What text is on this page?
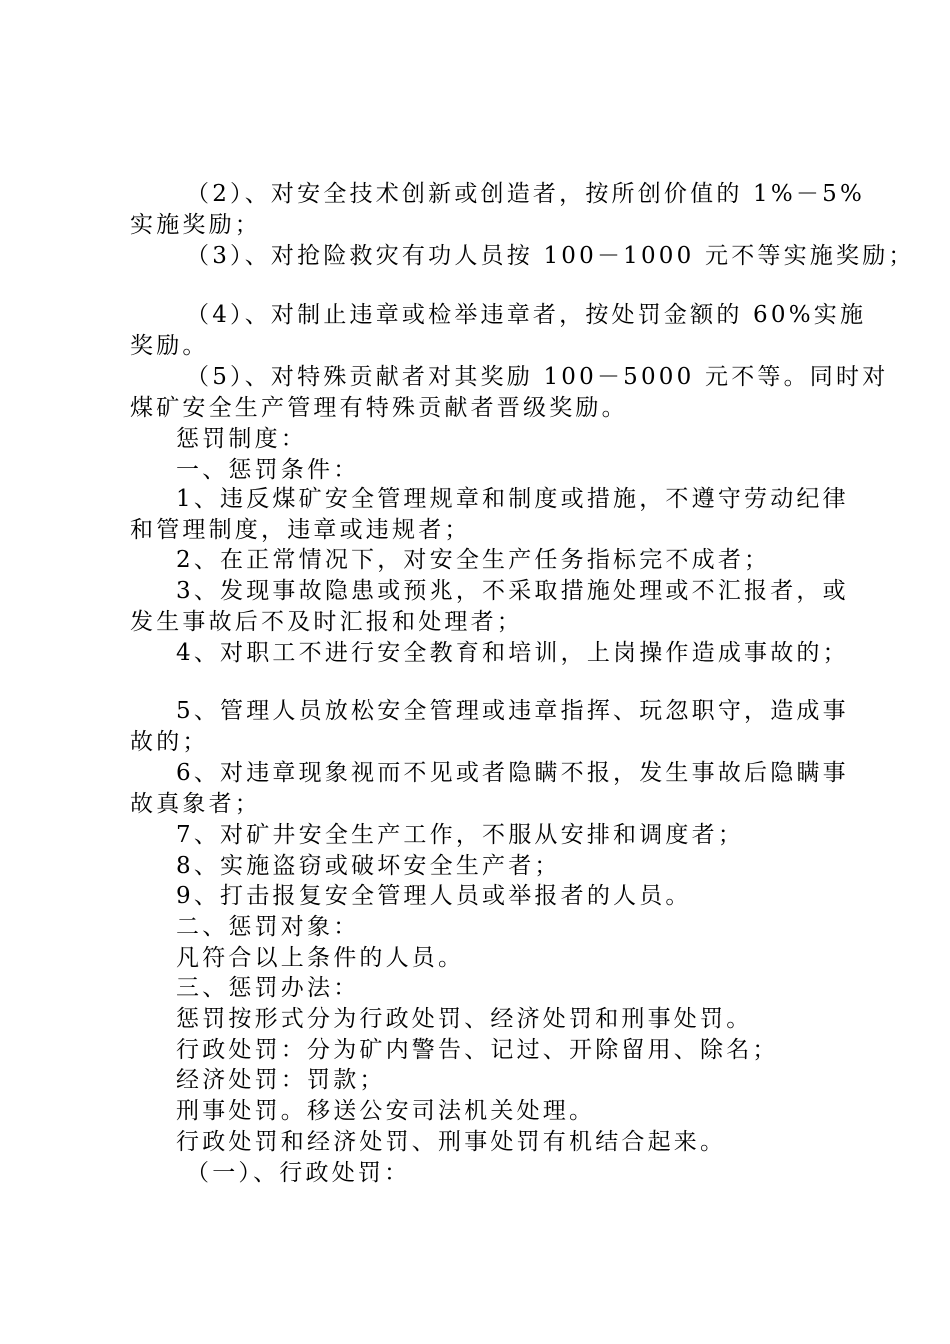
（2）、对安全技术创新或创造者，按所创价值的 1%－5%
实施奖励；
（3）、对抢险救灾有功人员按 100－1000 元不等实施奖励；
（4）、对制止违章或检举违章者，按处罚金额的 60%实施
奖励。
（5）、对特殊贡献者对其奖励 100－5000 元不等。同时对
煤矿安全生产管理有特殊贡献者晋级奖励。
惩罚制度：
一、惩罚条件：
1、违反煤矿安全管理规章和制度或措施，不遵守劳动纪律
和管理制度，违章或违规者；
2、在正常情况下，对安全生产任务指标完不成者；
3、发现事故隐患或预兆，不采取措施处理或不汇报者，或
发生事故后不及时汇报和处理者；
4、对职工不进行安全教育和培训，上岗操作造成事故的；
5、管理人员放松安全管理或违章指挥、玩忽职守，造成事
故的；
6、对违章现象视而不见或者隐瞒不报，发生事故后隐瞒事
故真象者；
7、对矿井安全生产工作，不服从安排和调度者；
8、实施盗窃或破坏安全生产者；
9、打击报复安全管理人员或举报者的人员。
二、惩罚对象：
凡符合以上条件的人员。
三、惩罚办法：
惩罚按形式分为行政处罚、经济处罚和刑事处罚。
行政处罚：分为矿内警告、记过、开除留用、除名；
经济处罚：罚款；
刑事处罚。移送公安司法机关处理。
行政处罚和经济处罚、刑事处罚有机结合起来。
（一）、行政处罚：
